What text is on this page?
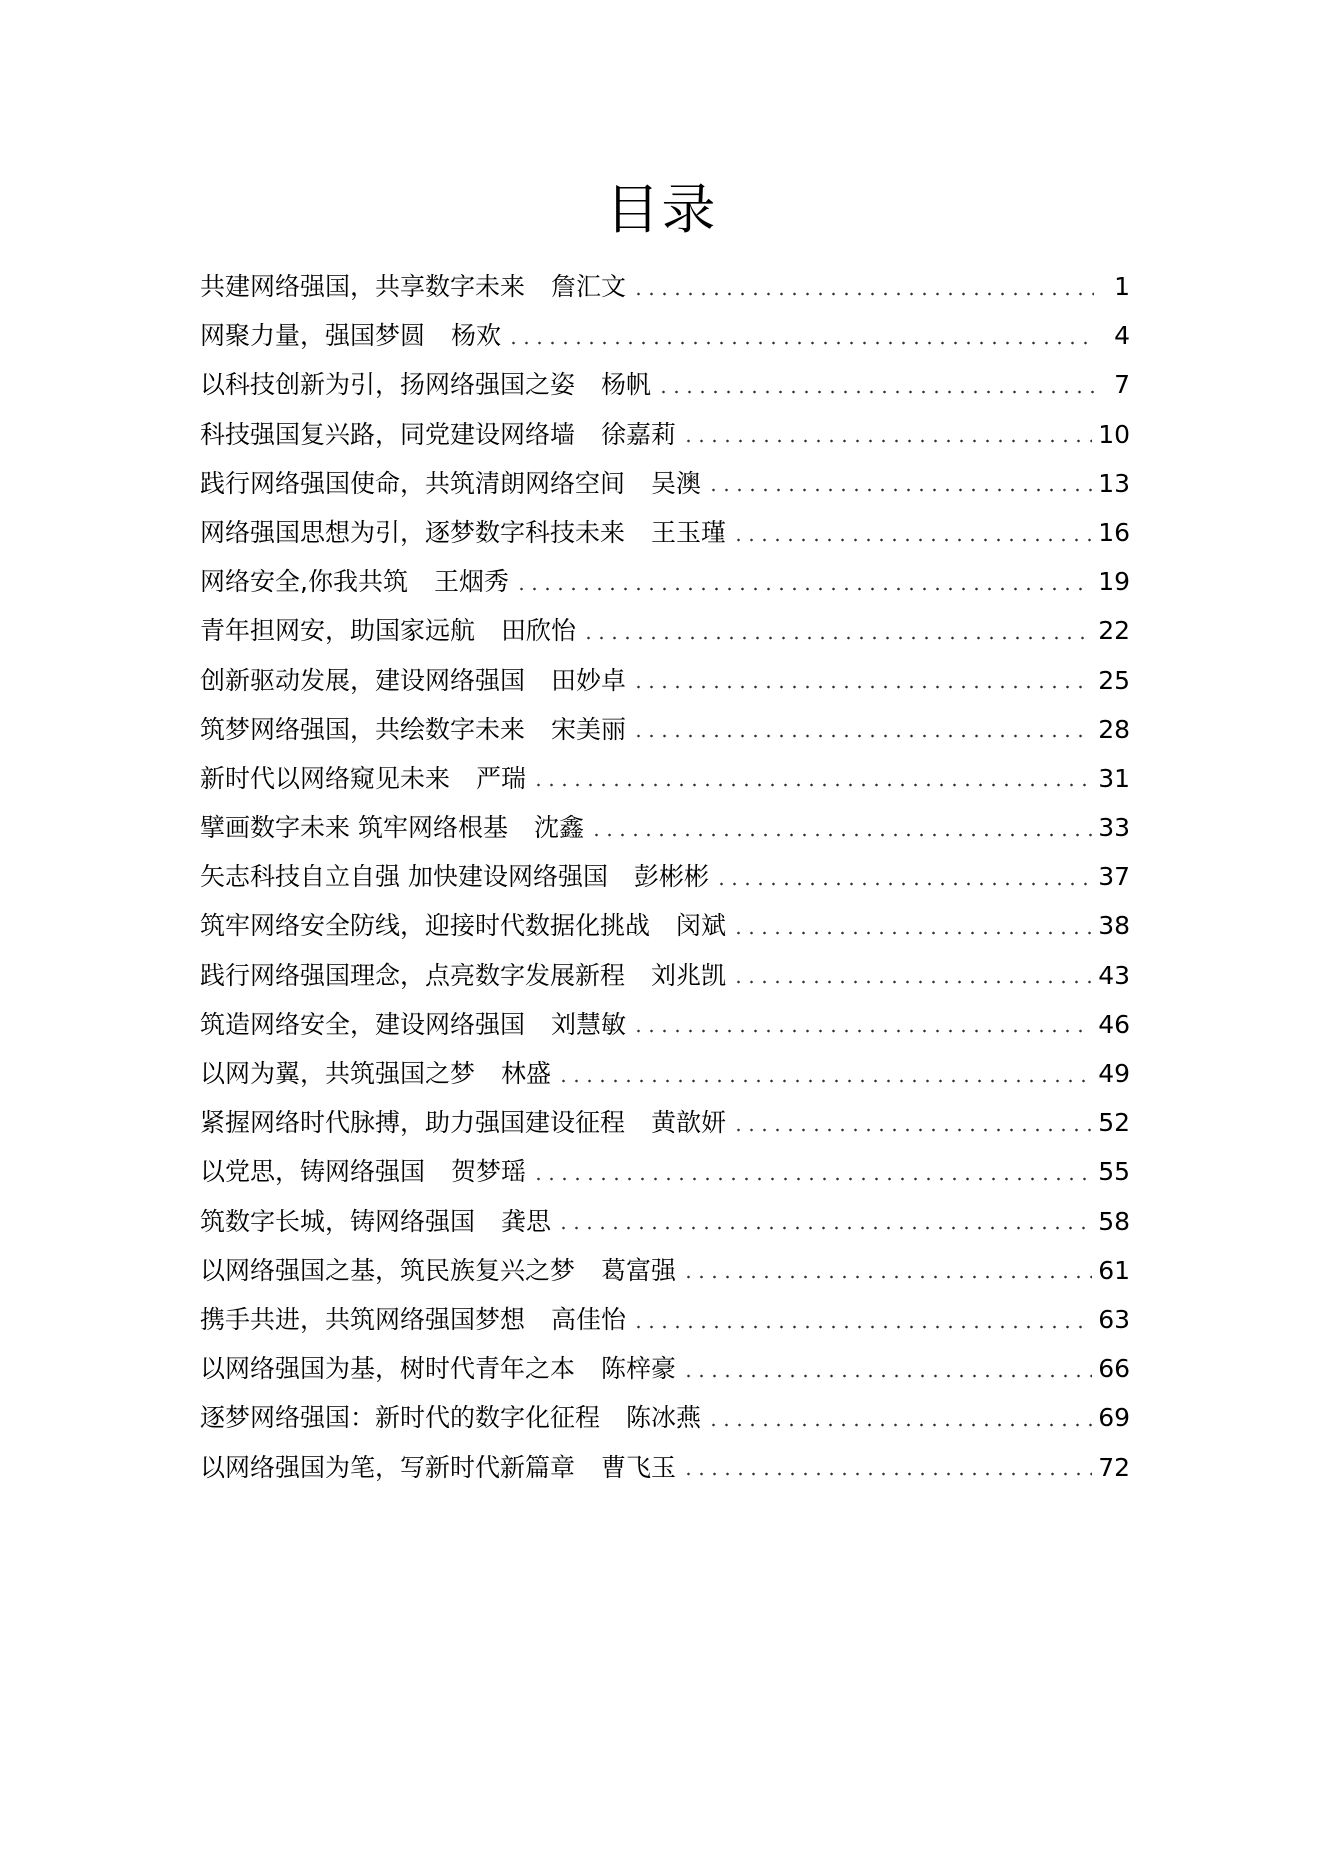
目录
共建网络强国，共享数字未来 詹汇文	1
网聚力量，强国梦圆 杨欢	4
以科技创新为引，扬网络强国之姿 杨帆	7
科技强国复兴路，同党建设网络墙 徐嘉莉	10
践行网络强国使命，共筑清朗网络空间 吴澳	13
网络强国思想为引，逐梦数字科技未来 王玉瑾	16
网络安全,你我共筑 王烟秀	19
青年担网安，助国家远航 田欣怡	22
创新驱动发展，建设网络强国 田妙卓	25
筑梦网络强国，共绘数字未来 宋美丽	28
新时代以网络窥见未来 严瑞	31
擘画数字未来 筑牢网络根基 沈鑫	33
矢志科技自立自强 加快建设网络强国 彭彬彬	37
筑牢网络安全防线，迎接时代数据化挑战 闵斌	38
践行网络强国理念，点亮数字发展新程 刘兆凯	43
筑造网络安全，建设网络强国 刘慧敏	46
以网为翼，共筑强国之梦 林盛	49
紧握网络时代脉搏，助力强国建设征程 黄歆妍	52
以党思，铸网络强国 贺梦瑶	55
筑数字长城，铸网络强国 龚思	58
以网络强国之基，筑民族复兴之梦 葛富强	61
携手共进，共筑网络强国梦想 高佳怡	63
以网络强国为基，树时代青年之本 陈梓豪	66
逐梦网络强国：新时代的数字化征程 陈冰燕	69
以网络强国为笔，写新时代新篇章 曹飞玉	72
